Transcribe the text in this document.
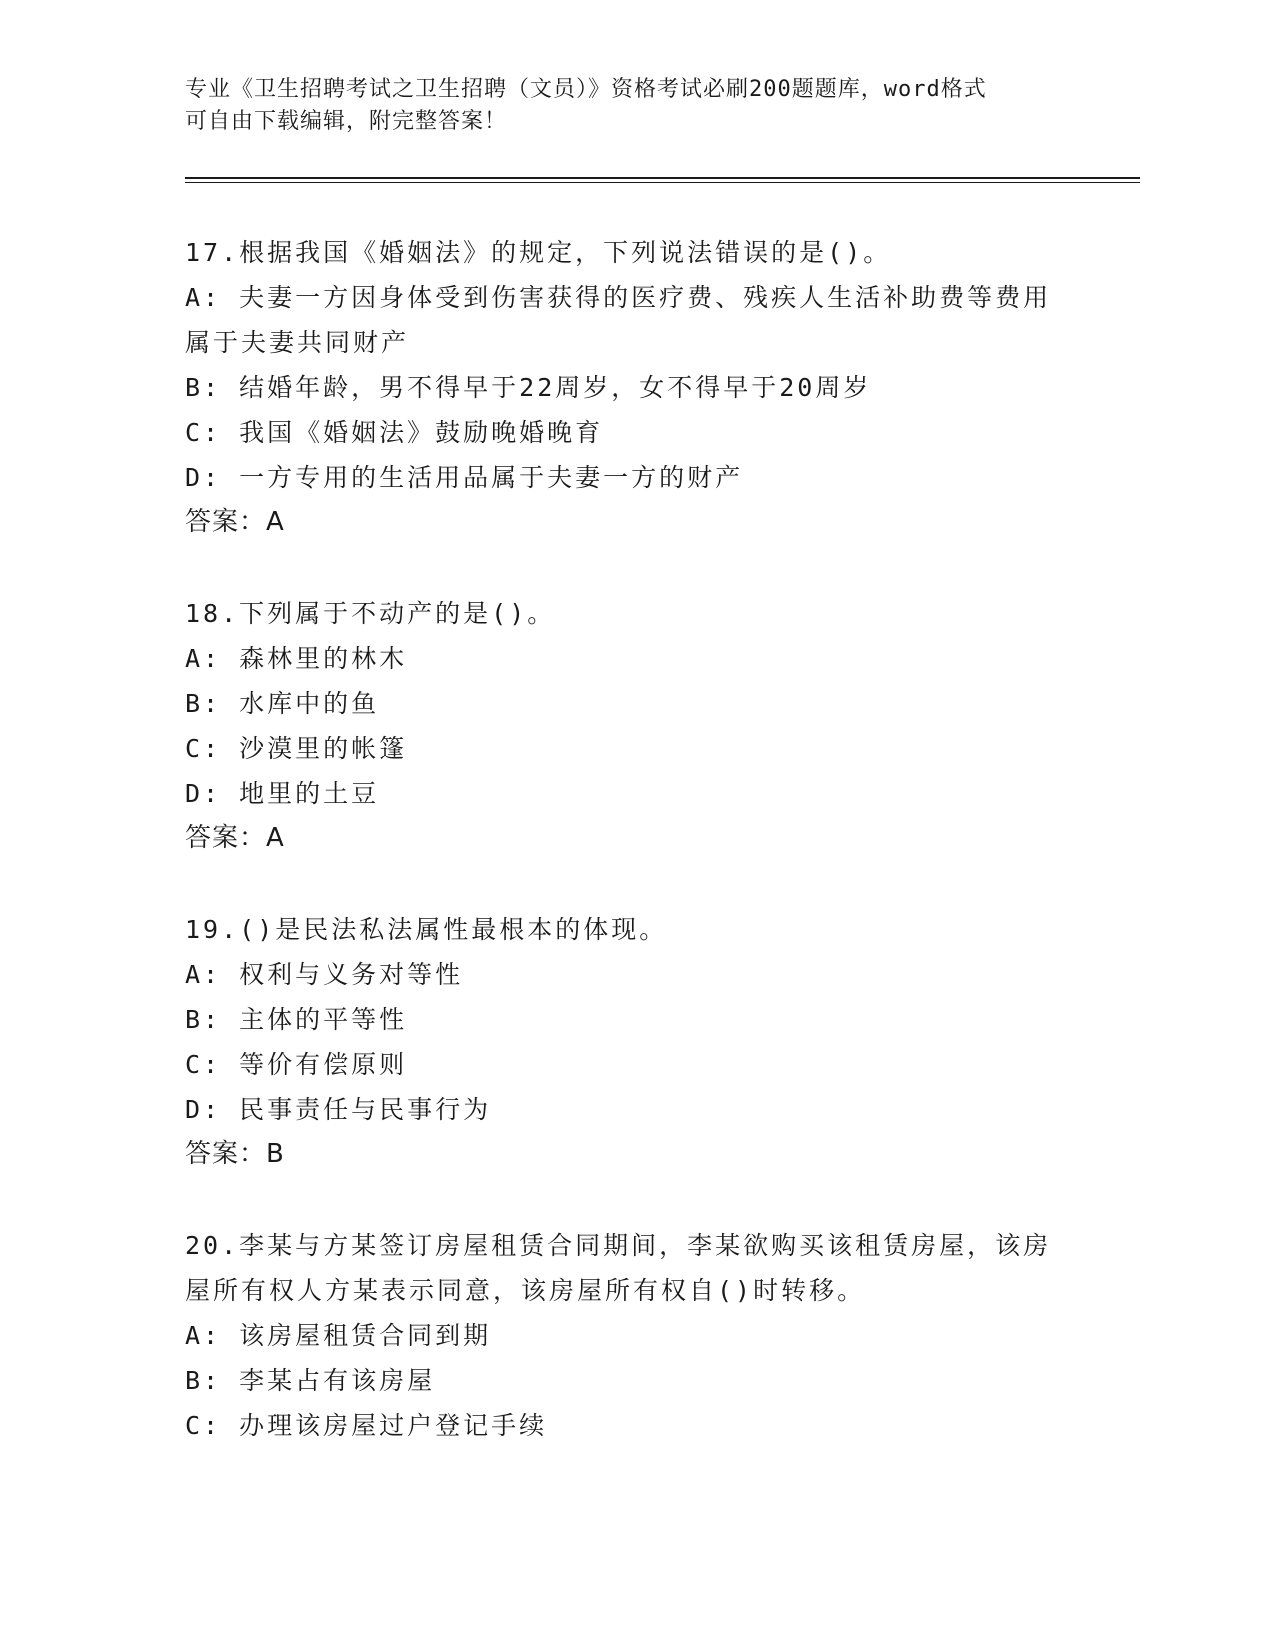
专业《卫生招聘考试之卫生招聘（文员）》资格考试必刷200题题库，word格式
可自由下载编辑，附完整答案！
17.根据我国《婚姻法》的规定，下列说法错误的是()。
A: 夫妻一方因身体受到伤害获得的医疗费、残疾人生活补助费等费用
属于夫妻共同财产
B: 结婚年龄，男不得早于22周岁，女不得早于20周岁
C: 我国《婚姻法》鼓励晚婚晚育
D: 一方专用的生活用品属于夫妻一方的财产
答案：A
18.下列属于不动产的是()。
A: 森林里的林木
B: 水库中的鱼
C: 沙漠里的帐篷
D: 地里的土豆
答案：A
19.()是民法私法属性最根本的体现。
A: 权利与义务对等性
B: 主体的平等性
C: 等价有偿原则
D: 民事责任与民事行为
答案：B
20.李某与方某签订房屋租赁合同期间，李某欲购买该租赁房屋，该房
屋所有权人方某表示同意，该房屋所有权自()时转移。
A: 该房屋租赁合同到期
B: 李某占有该房屋
C: 办理该房屋过户登记手续
